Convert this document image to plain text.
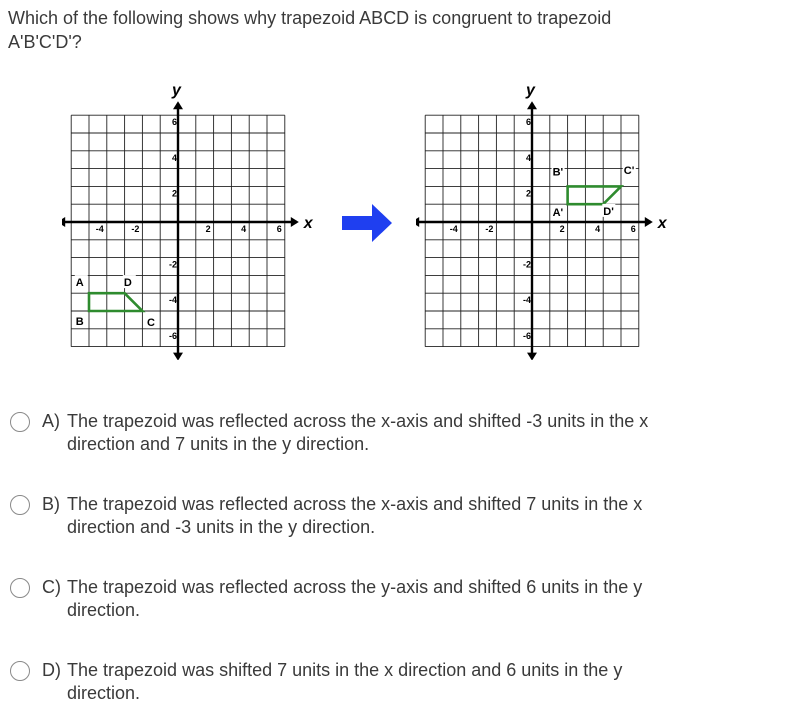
Which of the following shows why trapezoid ABCD is congruent to trapezoid
A'B'C'D'?
x
y
-4	-2	2	4	6
6
4
2
-2
-4
-6
A	D
B	C
x
y
-4	-2	2	4	6
6
4
2
-2
-4
-6
B'	C'
A'	D'
A) The trapezoid was reflected across the x-axis and shifted -3 units in the x
direction and 7 units in the y direction.
B) The trapezoid was reflected across the x-axis and shifted 7 units in the x
direction and -3 units in the y direction.
C) The trapezoid was reflected across the y-axis and shifted 6 units in the y
direction.
D) The trapezoid was shifted 7 units in the x direction and 6 units in the y
direction.
